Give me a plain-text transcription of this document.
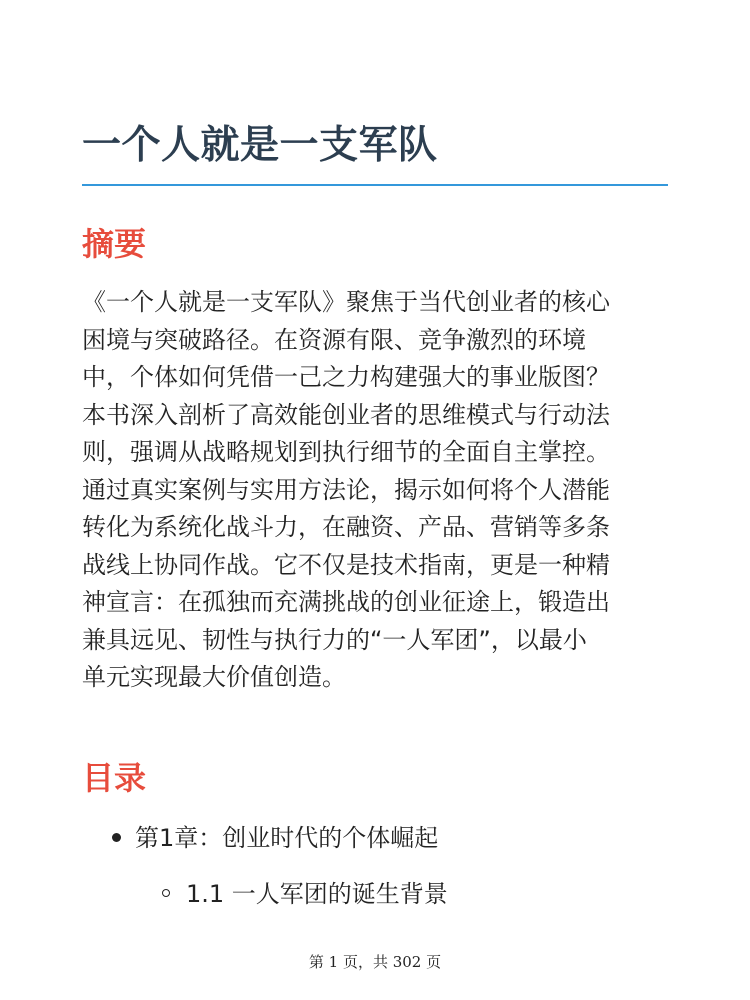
一个人就是一支军队
摘要

《一个人就是一支军队》聚焦于当代创业者的核心
困境与突破路径。在资源有限、竞争激烈的环境
中，个体如何凭借一己之力构建强大的事业版图？
本书深入剖析了高效能创业者的思维模式与行动法
则，强调从战略规划到执行细节的全面自主掌控。
通过真实案例与实用方法论，揭示如何将个人潜能
转化为系统化战斗力，在融资、产品、营销等多条
战线上协同作战。它不仅是技术指南，更是一种精
神宣言：在孤独而充满挑战的创业征途上，锻造出
兼具远见、韧性与执行力的“一人军团”，以最小
单元实现最大价值创造。

目录
第1章：创业时代的个体崛起
1.1 一人军团的诞生背景
第 1 页，共 302 页
